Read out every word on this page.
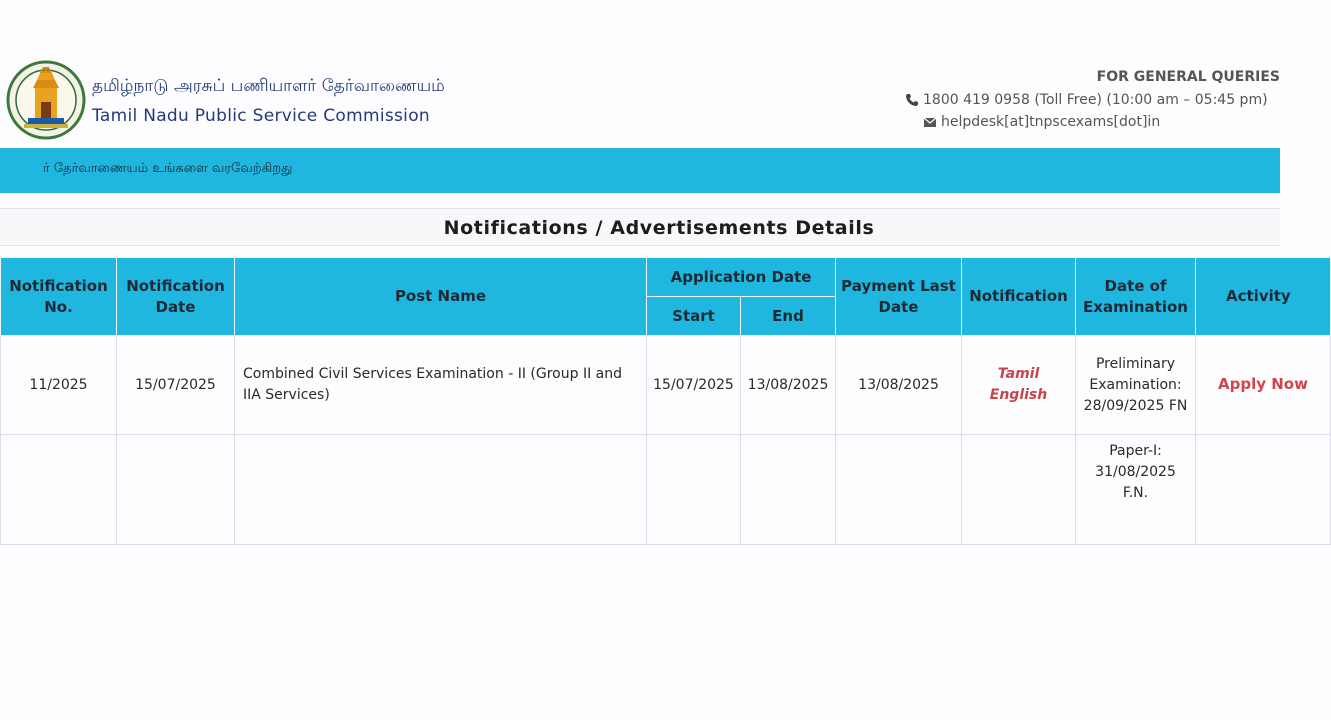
தமிழ்நாடு அரசுப் பணியாளர் தேர்வாணையம்
Tamil Nadu Public Service Commission
FOR GENERAL QUERIES
1800 419 0958 (Toll Free) (10:00 am – 05:45 pm)
helpdesk[at]tnpscexams[dot]in
ர் தேர்வாணையம் உங்களை வரவேற்கிறது
Notifications / Advertisements Details
Notification No.	Notification Date	Post Name	Application Date		Payment Last Date	Notification	Date of Examination	Activity
			Start	End				
11/2025	15/07/2025	Combined Civil Services Examination - II (Group II and IIA Services)	15/07/2025	13/08/2025	13/08/2025	Tamil
English	Preliminary Examination: 28/09/2025 FN	Apply Now
							Paper-I: 31/08/2025 F.N.	
